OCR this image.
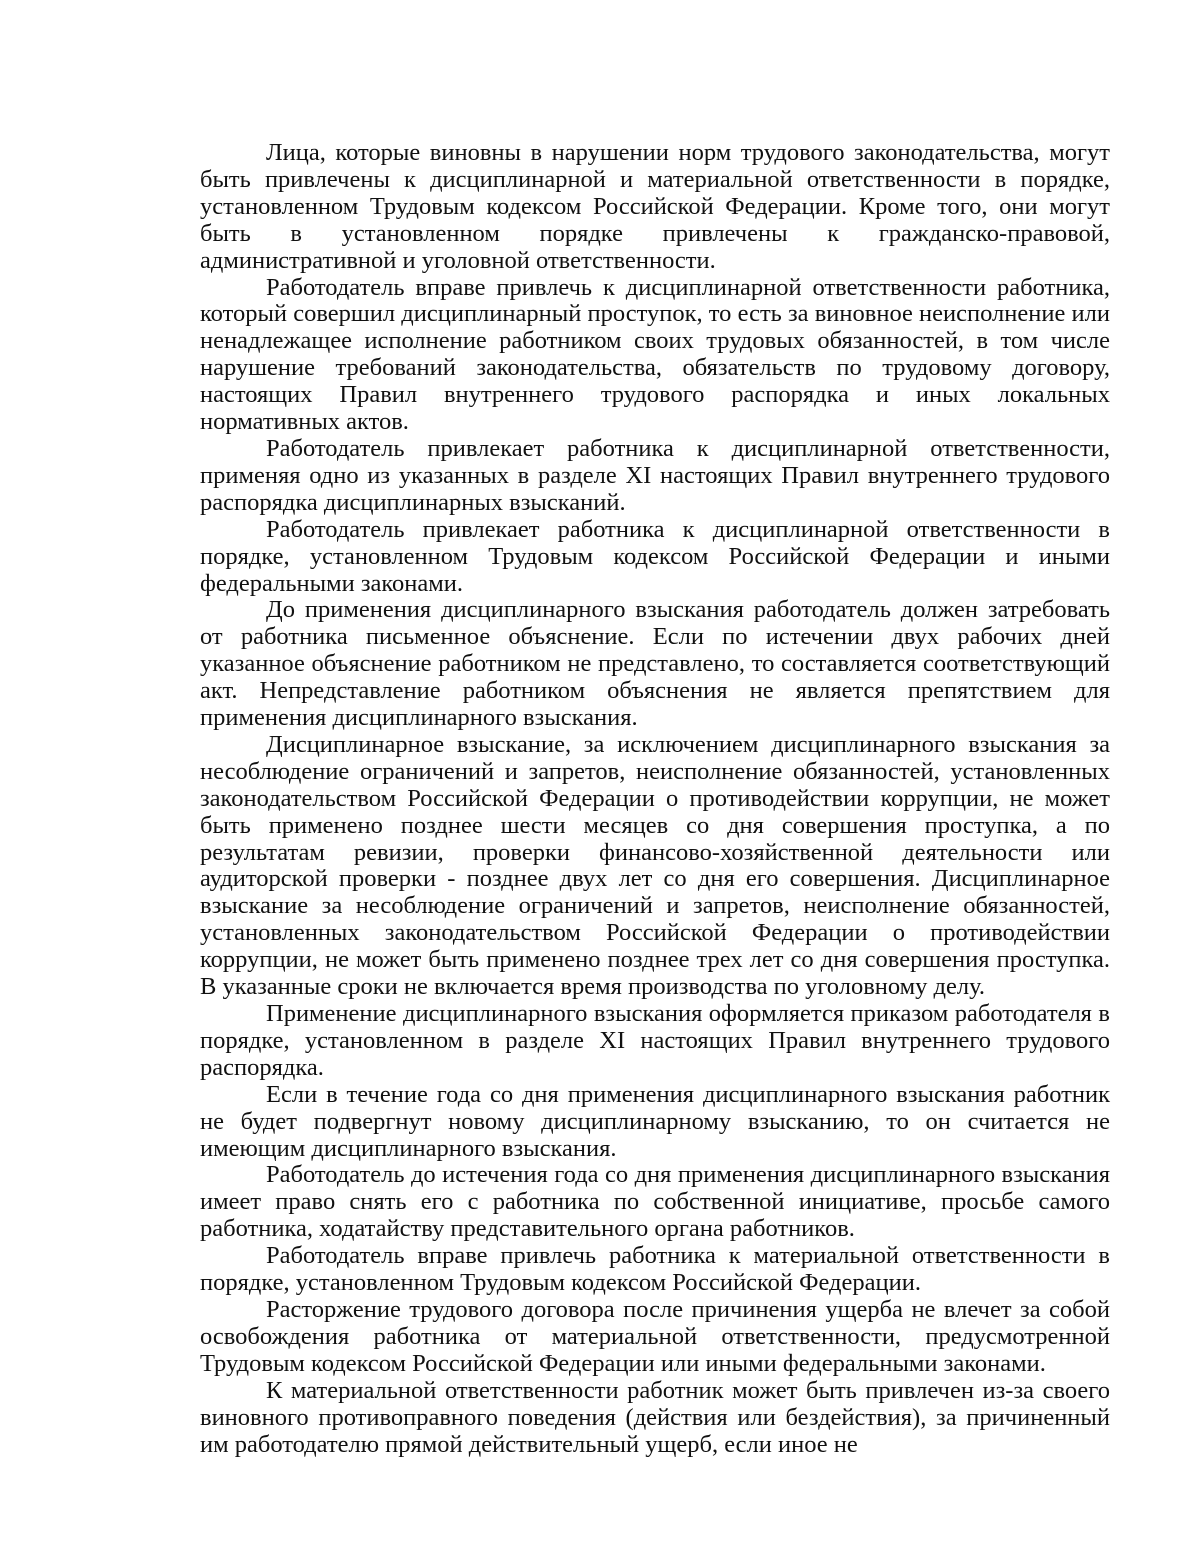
Лица, которые виновны в нарушении норм трудового законодательства, могут быть привлечены к дисциплинарной и материальной ответственности в порядке, установленном Трудовым кодексом Российской Федерации. Кроме того, они могут быть в установленном порядке привлечены к гражданско-правовой, административной и уголовной ответственности.

Работодатель вправе привлечь к дисциплинарной ответственности работника, который совершил дисциплинарный проступок, то есть за виновное неисполнение или ненадлежащее исполнение работником своих трудовых обязанностей, в том числе нарушение требований законодательства, обязательств по трудовому договору, настоящих Правил внутреннего трудового распорядка и иных локальных нормативных актов.

Работодатель привлекает работника к дисциплинарной ответственности, применяя одно из указанных в разделе XI настоящих Правил внутреннего трудового распорядка дисциплинарных взысканий.

Работодатель привлекает работника к дисциплинарной ответственности в порядке, установленном Трудовым кодексом Российской Федерации и иными федеральными законами.

До применения дисциплинарного взыскания работодатель должен затребовать от работника письменное объяснение. Если по истечении двух рабочих дней указанное объяснение работником не представлено, то составляется соответствующий акт. Непредставление работником объяснения не является препятствием для применения дисциплинарного взыскания.

Дисциплинарное взыскание, за исключением дисциплинарного взыскания за несоблюдение ограничений и запретов, неисполнение обязанностей, установленных законодательством Российской Федерации о противодействии коррупции, не может быть применено позднее шести месяцев со дня совершения проступка, а по результатам ревизии, проверки финансово-хозяйственной деятельности или аудиторской проверки - позднее двух лет со дня его совершения. Дисциплинарное взыскание за несоблюдение ограничений и запретов, неисполнение обязанностей, установленных законодательством Российской Федерации о противодействии коррупции, не может быть применено позднее трех лет со дня совершения проступка. В указанные сроки не включается время производства по уголовному делу.

Применение дисциплинарного взыскания оформляется приказом работодателя в порядке, установленном в разделе XI настоящих Правил внутреннего трудового распорядка.

Если в течение года со дня применения дисциплинарного взыскания работник не будет подвергнут новому дисциплинарному взысканию, то он считается не имеющим дисциплинарного взыскания.

Работодатель до истечения года со дня применения дисциплинарного взыскания имеет право снять его с работника по собственной инициативе, просьбе самого работника, ходатайству представительного органа работников.

Работодатель вправе привлечь работника к материальной ответственности в порядке, установленном Трудовым кодексом Российской Федерации.

Расторжение трудового договора после причинения ущерба не влечет за собой освобождения работника от материальной ответственности, предусмотренной Трудовым кодексом Российской Федерации или иными федеральными законами.

К материальной ответственности работник может быть привлечен из-за своего виновного противоправного поведения (действия или бездействия), за причиненный им работодателю прямой действительный ущерб, если иное не
